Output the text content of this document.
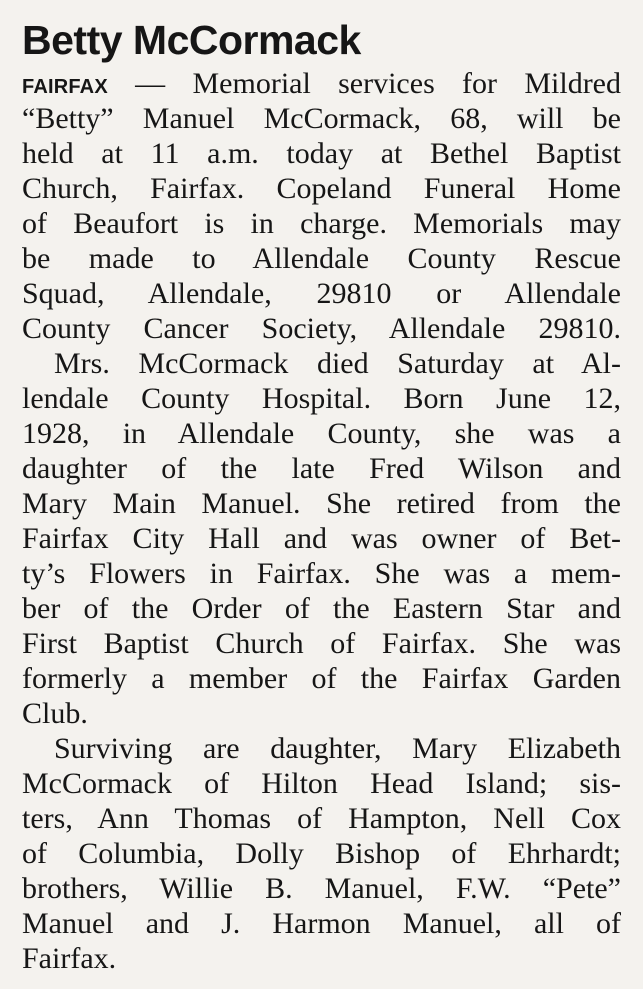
Betty McCormack
FAIRFAX — Memorial services for Mildred
“Betty” Manuel McCormack, 68, will be
held at 11 a.m. today at Bethel Baptist
Church, Fairfax. Copeland Funeral Home
of Beaufort is in charge. Memorials may
be made to Allendale County Rescue
Squad, Allendale, 29810 or Allendale
County Cancer Society, Allendale 29810.
Mrs. McCormack died Saturday at Al-
lendale County Hospital. Born June 12,
1928, in Allendale County, she was a
daughter of the late Fred Wilson and
Mary Main Manuel. She retired from the
Fairfax City Hall and was owner of Bet-
ty’s Flowers in Fairfax. She was a mem-
ber of the Order of the Eastern Star and
First Baptist Church of Fairfax. She was
formerly a member of the Fairfax Garden
Club.
Surviving are daughter, Mary Elizabeth
McCormack of Hilton Head Island; sis-
ters, Ann Thomas of Hampton, Nell Cox
of Columbia, Dolly Bishop of Ehrhardt;
brothers, Willie B. Manuel, F.W. “Pete”
Manuel and J. Harmon Manuel, all of
Fairfax.
